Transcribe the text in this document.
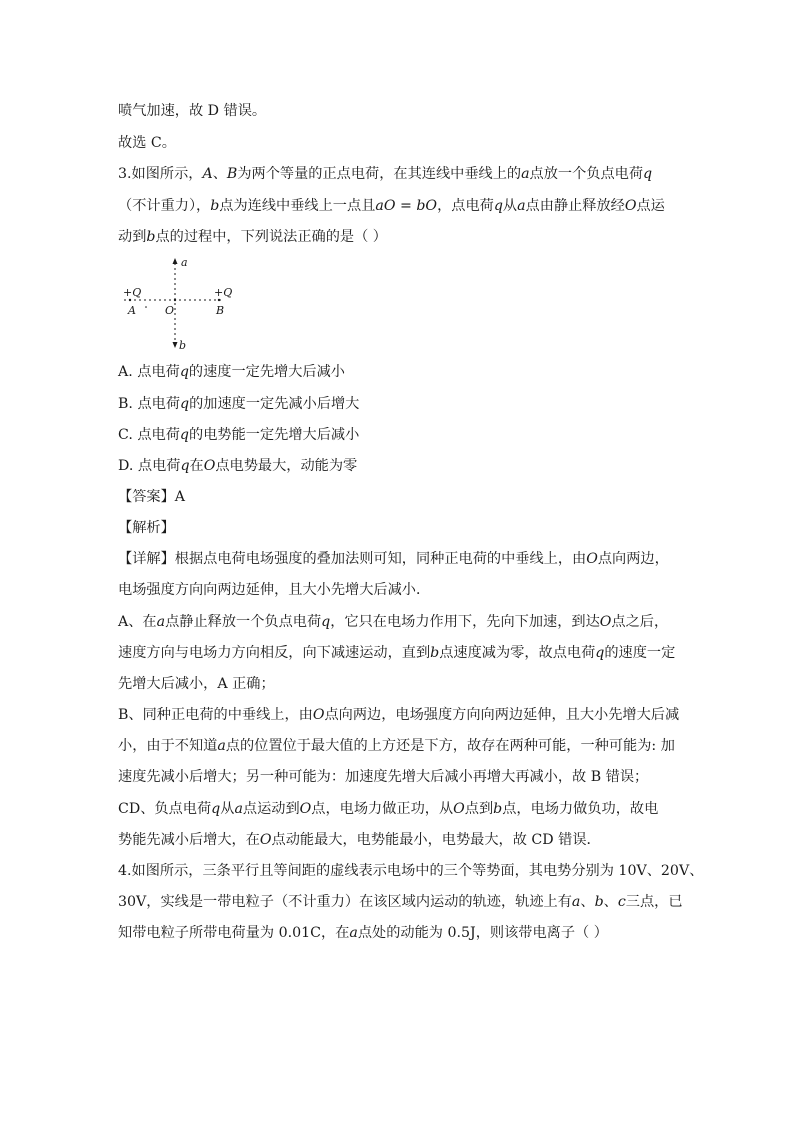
喷气加速，故 D 错误。
故选 C。
3.如图所示，𝐴、𝐵为两个等量的正点电荷，在其连线中垂线上的𝑎点放一个负点电荷𝑞
（不计重力），𝑏点为连线中垂线上一点且𝑎𝑂 = 𝑏𝑂，点电荷𝑞从𝑎点由静止释放经𝑂点运
动到𝑏点的过程中，下列说法正确的是（ ）
a
b
+Q	+Q
A	O	B
A. 点电荷𝑞的速度一定先增大后减小
B. 点电荷𝑞的加速度一定先减小后增大
C. 点电荷𝑞的电势能一定先增大后减小
D. 点电荷𝑞在𝑂点电势最大，动能为零
【答案】A
【解析】
【详解】根据点电荷电场强度的叠加法则可知，同种正电荷的中垂线上，由𝑂点向两边，
电场强度方向向两边延伸，且大小先增大后减小．
A、在𝑎点静止释放一个负点电荷𝑞，它只在电场力作用下，先向下加速，到达𝑂点之后，
速度方向与电场力方向相反，向下减速运动，直到𝑏点速度减为零，故点电荷𝑞的速度一定
先增大后减小，A 正确；
B、同种正电荷的中垂线上，由𝑂点向两边，电场强度方向向两边延伸，且大小先增大后减
小，由于不知道𝑎点的位置位于最大值的上方还是下方，故存在两种可能，一种可能为: 加
速度先减小后增大；另一种可能为：加速度先增大后减小再增大再减小，故 B 错误；
CD、负点电荷𝑞从𝑎点运动到𝑂点，电场力做正功，从𝑂点到𝑏点，电场力做负功，故电
势能先减小后增大，在𝑂点动能最大，电势能最小，电势最大，故 CD 错误．
4.如图所示，三条平行且等间距的虚线表示电场中的三个等势面，其电势分别为 10V、20V、
30V，实线是一带电粒子（不计重力）在该区域内运动的轨迹，轨迹上有𝑎、𝑏、𝑐三点，已
知带电粒子所带电荷量为 0.01C，在𝑎点处的动能为 0.5J，则该带电离子（ ）
